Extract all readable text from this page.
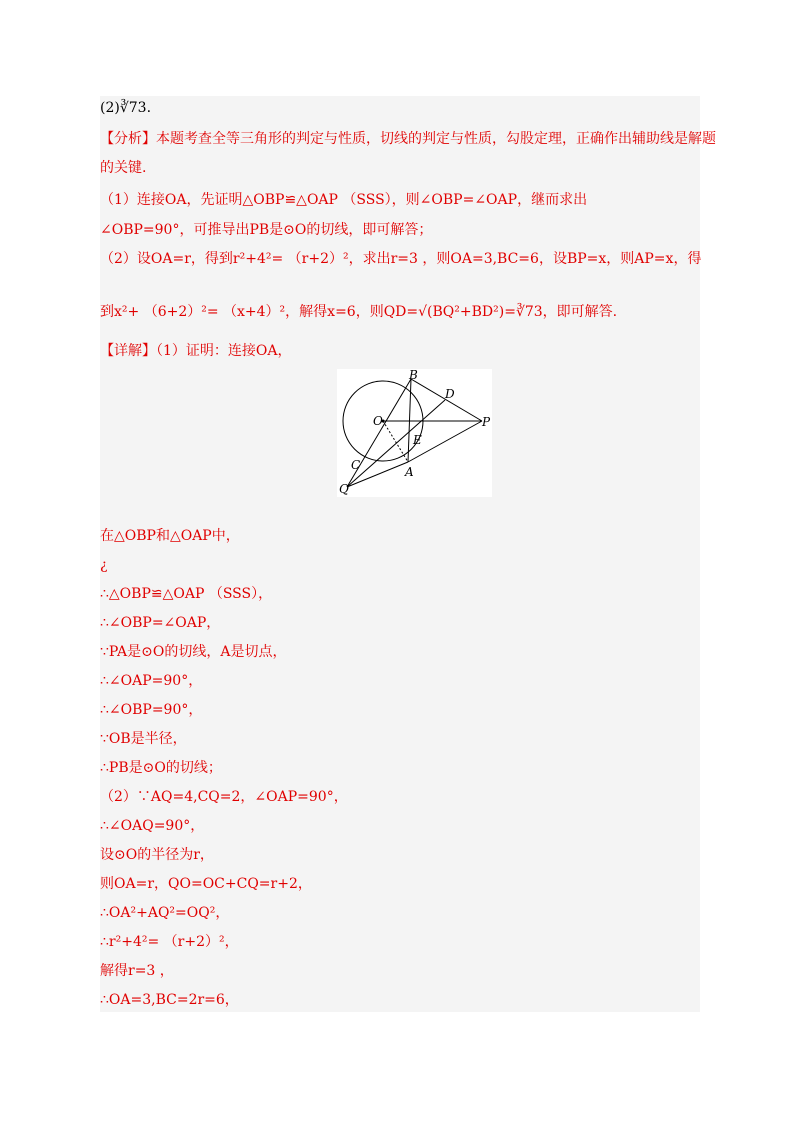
(2)∛73.
【分析】本题考查全等三角形的判定与性质，切线的判定与性质，勾股定理，正确作出辅助线是解题
的关键.
（1）连接OA，先证明△OBP≌△OAP （SSS），则∠OBP=∠OAP，继而求出
∠OBP=90°，可推导出PB是⊙O的切线，即可解答；
（2）设OA=r，得到r²+4²= （r+2）²，求出r=3 ，则OA=3,BC=6，设BP=x，则AP=x，得
到x²+ （6+2）²= （x+4）²，解得x=6，则QD=√(BQ²+BD²)=∛73，即可解答.
【详解】（1）证明：连接OA，
B
D
O	P
E
C	A
Q
在△OBP和△OAP中，
¿
∴△OBP≌△OAP （SSS），
∴∠OBP=∠OAP，
∵PA是⊙O的切线，A是切点，
∴∠OAP=90°，
∴∠OBP=90°，
∵OB是半径，
∴PB是⊙O的切线；
（2）∵AQ=4,CQ=2，∠OAP=90°，
∴∠OAQ=90°，
设⊙O的半径为r，
则OA=r，QO=OC+CQ=r+2，
∴OA²+AQ²=OQ²，
∴r²+4²= （r+2）²，
解得r=3 ，
∴OA=3,BC=2r=6，
